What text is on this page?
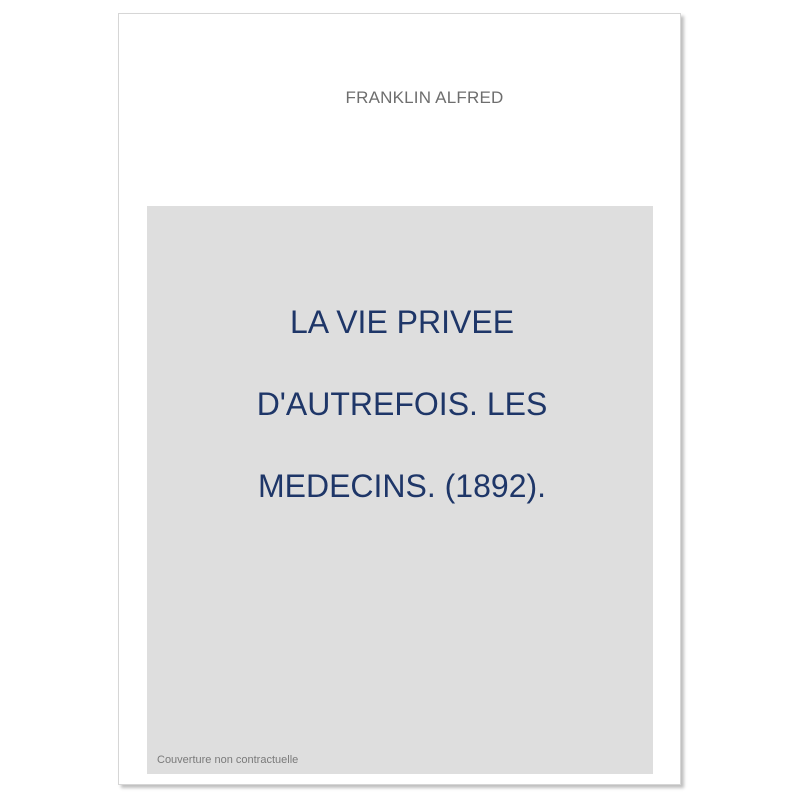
FRANKLIN ALFRED

LA VIE PRIVEE

D'AUTREFOIS. LES

MEDECINS. (1892).

Couverture non contractuelle
